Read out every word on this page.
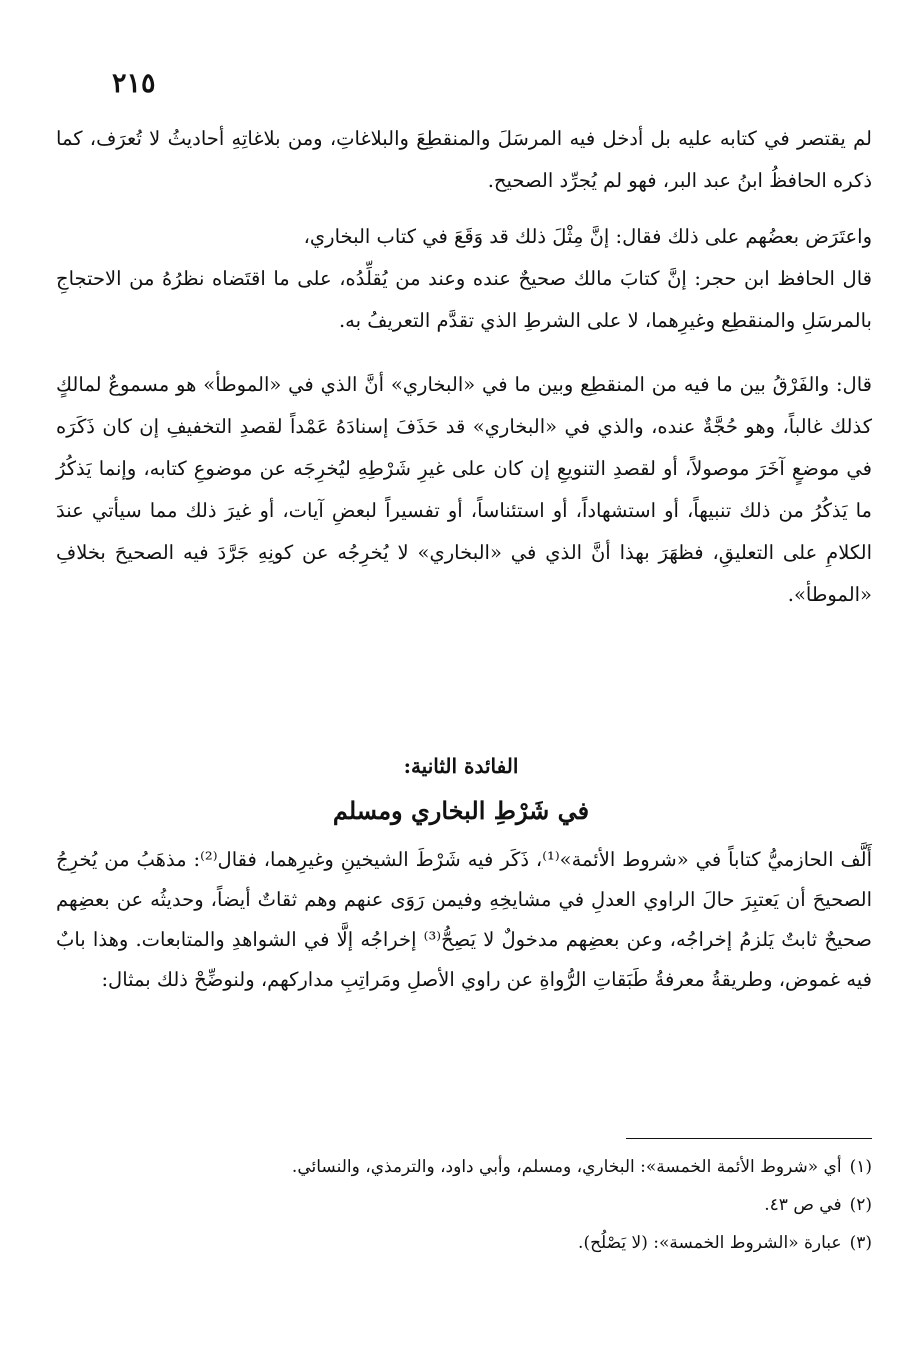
٢١٥

لم يقتصر في كتابه عليه بل أدخل فيه المرسَلَ والمنقطِعَ والبلاغاتِ، ومن بلاغاتِهِ أحاديثُ لا تُعرَف، كما ذكره الحافظُ ابنُ عبد البر، فهو لم يُجرِّد الصحيح.

واعتَرَض بعضُهم على ذلك فقال: إنَّ مِثْلَ ذلك قد وَقَعَ في كتاب البخاري،

قال الحافظ ابن حجر: إنَّ كتابَ مالك صحيحٌ عنده وعند من يُقلِّدُه، على ما اقتَضاه نظرُهُ من الاحتجاجِ بالمرسَلِ والمنقطِع وغيرِهما، لا على الشرطِ الذي تقدَّم التعريفُ به.

قال: والفَرْقُ بين ما فيه من المنقطِع وبين ما في «البخاري» أنَّ الذي في «الموطأ» هو مسموعٌ لمالكٍ كذلك غالباً، وهو حُجَّةٌ عنده، والذي في «البخاري» قد حَذَفَ إسنادَهُ عَمْداً لقصدِ التخفيفِ إن كان ذَكَرَه في موضعٍ آخَرَ موصولاً، أو لقصدِ التنويعِ إن كان على غيرِ شَرْطِهِ ليُخرِجَه عن موضوعِ كتابه، وإنما يَذكُرُ ما يَذكُرُ من ذلك تنبيهاً، أو استشهاداً، أو استئناساً، أو تفسيراً لبعضِ آيات، أو غيرَ ذلك مما سيأتي عندَ الكلامِ على التعليقِ، فظهَرَ بهذا أنَّ الذي في «البخاري» لا يُخرِجُه عن كونِهِ جَرَّدَ فيه الصحيحَ بخلافِ «الموطأ».

الفائدة الثانية:
في شَرْطِ البخاري ومسلم

أَلَّف الحازميُّ كتاباً في «شروط الأئمة»⁽¹⁾، ذَكَر فيه شَرْطَ الشيخينِ وغيرِهما، فقال⁽²⁾: مذهَبُ من يُخرِجُ الصحيحَ أن يَعتبِرَ حالَ الراوي العدلِ في مشايخِهِ وفيمن رَوَى عنهم وهم ثقاتٌ أيضاً، وحديثُه عن بعضِهم صحيحٌ ثابتٌ يَلزمُ إخراجُه، وعن بعضِهم مدخولٌ لا يَصِحُّ⁽³⁾ إخراجُه إلَّا في الشواهدِ والمتابعات. وهذا بابٌ فيه غموض، وطريقةُ معرفةُ طَبَقاتِ الرُّواةِ عن راوي الأصلِ ومَراتِبِ مداركهم، ولنوضِّحْ ذلك بمثال:

(١)أي «شروط الأئمة الخمسة»: البخاري، ومسلم، وأبي داود، والترمذي، والنسائي.

(٢)في ص ٤٣.

(٣)عبارة «الشروط الخمسة»: (لا يَصْلُح).
